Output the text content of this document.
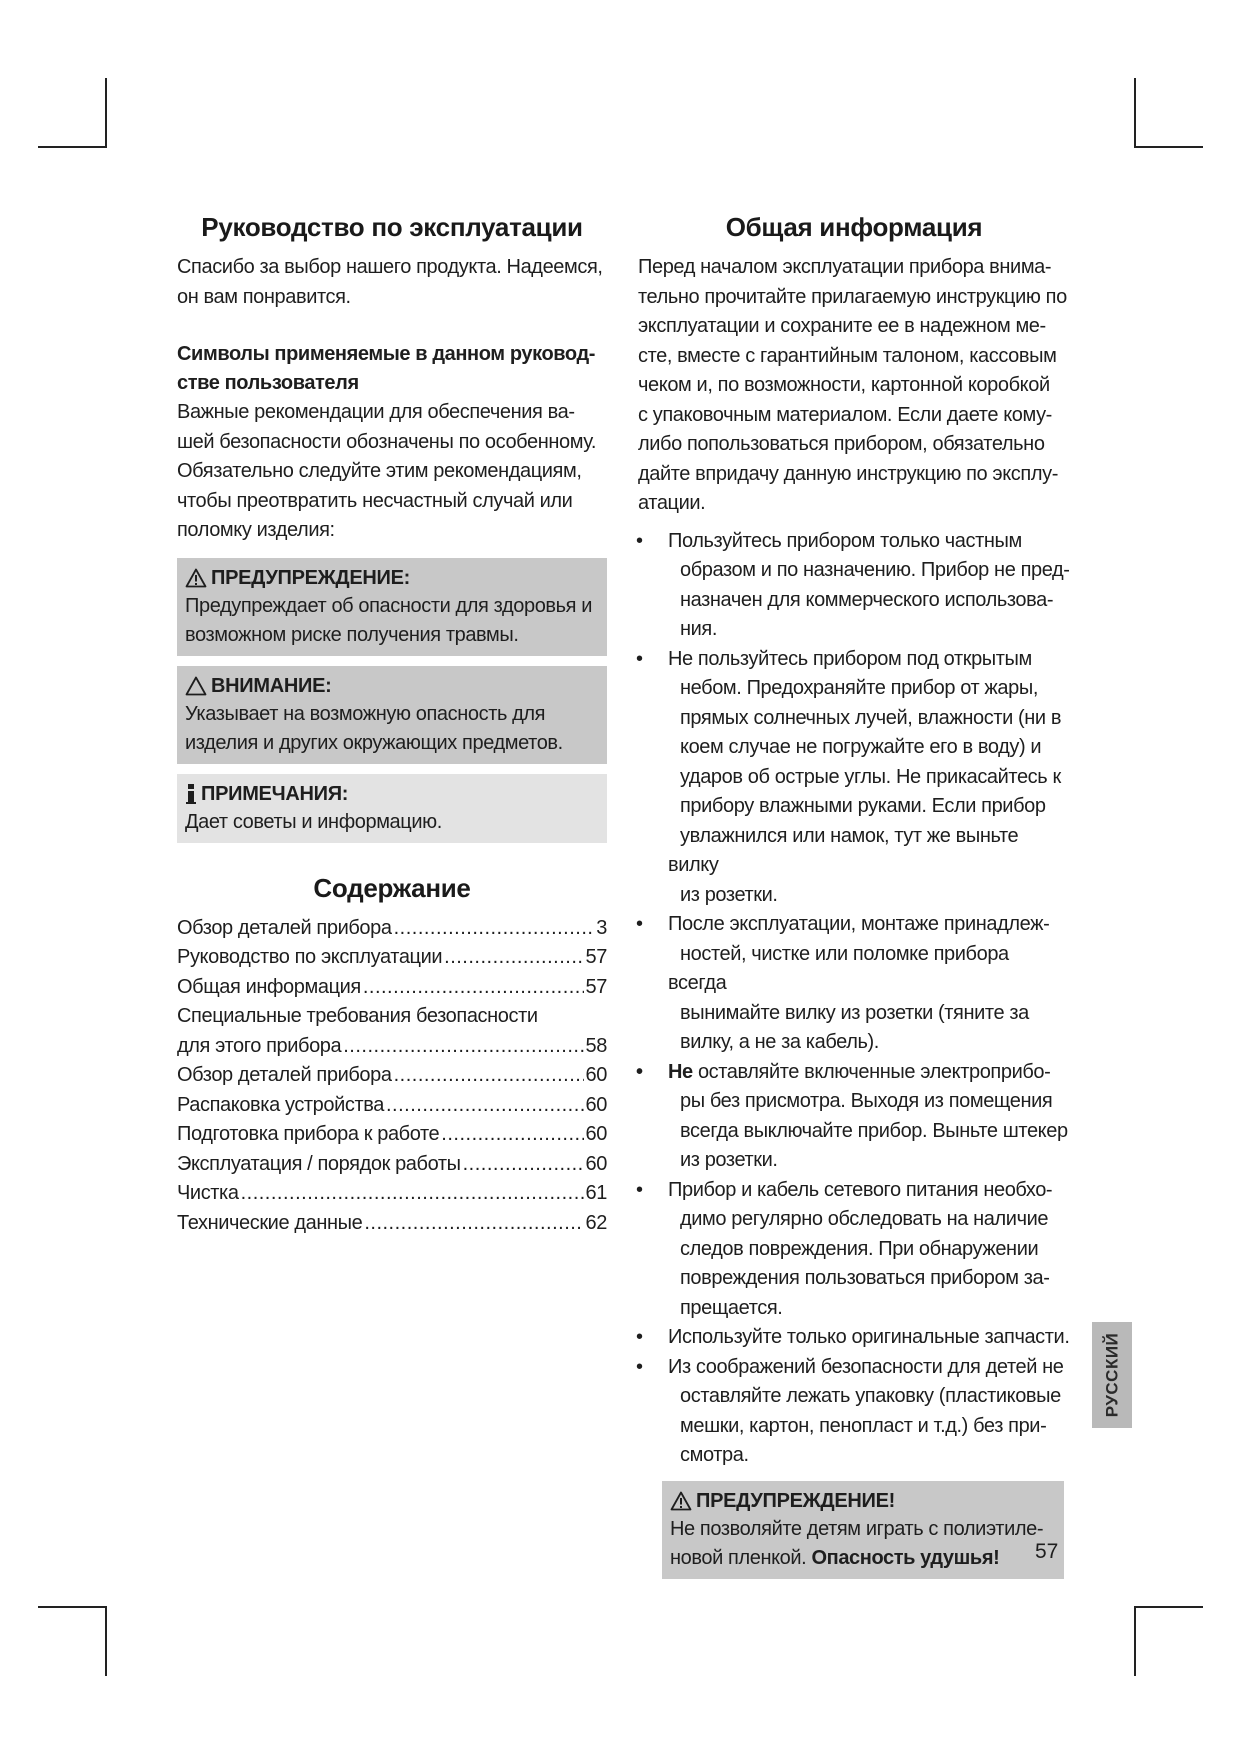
Руководство по эксплуатации

Спасибо за выбор нашего продукта. Надеемся,
он вам понравится.

Символы применяемые в данном руковод-
стве пользователя

Важные рекомендации для обеспечения ва-
шей безопасности обозначены по особенному.
Обязательно следуйте этим рекомендациям,
чтобы преотвратить несчастный случай или
поломку изделия:

ПРЕДУПРЕЖДЕНИЕ:

Предупреждает об опасности для здоровья и
возможном риске получения травмы.

ВНИМАНИЕ:

Указывает на возможную опасность для
изделия и других окружающих предметов.

ПРИМЕЧАНИЯ:

Дает советы и информацию.

Содержание
Обзор деталей прибора .....	3
Руководство по эксплуатации .....	57
Общая информация .....	57
Специальные требования безопасности
для этого прибора .....	58
Обзор деталей прибора .....	60
Распаковка устройства .....	60
Подготовка прибора к работе .....	60
Эксплуатация / порядок работы .....	60
Чистка .....	61
Технические данные .....	62
Общая информация

Перед началом эксплуатации прибора внима-
тельно прочитайте прилагаемую инструкцию по
эксплуатации и сохраните ее в надежном ме-
сте, вместе с гарантийным талоном, кассовым
чеком и, по возможности, картонной коробкой
с упаковочным материалом. Если даете кому-
либо попользоваться прибором, обязательно
дайте впридачу данную инструкцию по эксплу-
атации.

• Пользуйтесь прибором только частным
образом и по назначению. Прибор не пред-
назначен для коммерческого использова-
ния.
• Не пользуйтесь прибором под открытым
небом. Предохраняйте прибор от жары,
прямых солнечных лучей, влажности (ни в
коем случае не погружайте его в воду) и
ударов об острые углы. Не прикасайтесь к
прибору влажными руками. Если прибор
увлажнился или намок, тут же выньте вилку
из розетки.
• После эксплуатации, монтаже принадлеж-
ностей, чистке или поломке прибора всегда
вынимайте вилку из розетки (тяните за
вилку, а не за кабель).
• Не оставляйте включенные электроприбо-
ры без присмотра. Выходя из помещения
всегда выключайте прибор. Выньте штекер
из розетки.
• Прибор и кабель сетевого питания необхо-
димо регулярно обследовать на наличие
следов повреждения. При обнаружении
повреждения пользоваться прибором за-
прещается.
• Используйте только оригинальные запчасти.
• Из соображений безопасности для детей не
оставляйте лежать упаковку (пластиковые
мешки, картон, пенопласт и т.д.) без при-
смотра.
ПРЕДУПРЕЖДЕНИЕ!

Не позволяйте детям играть с полиэтиле-
новой пленкой. Опасность удушья!

РУССКИЙ
57
